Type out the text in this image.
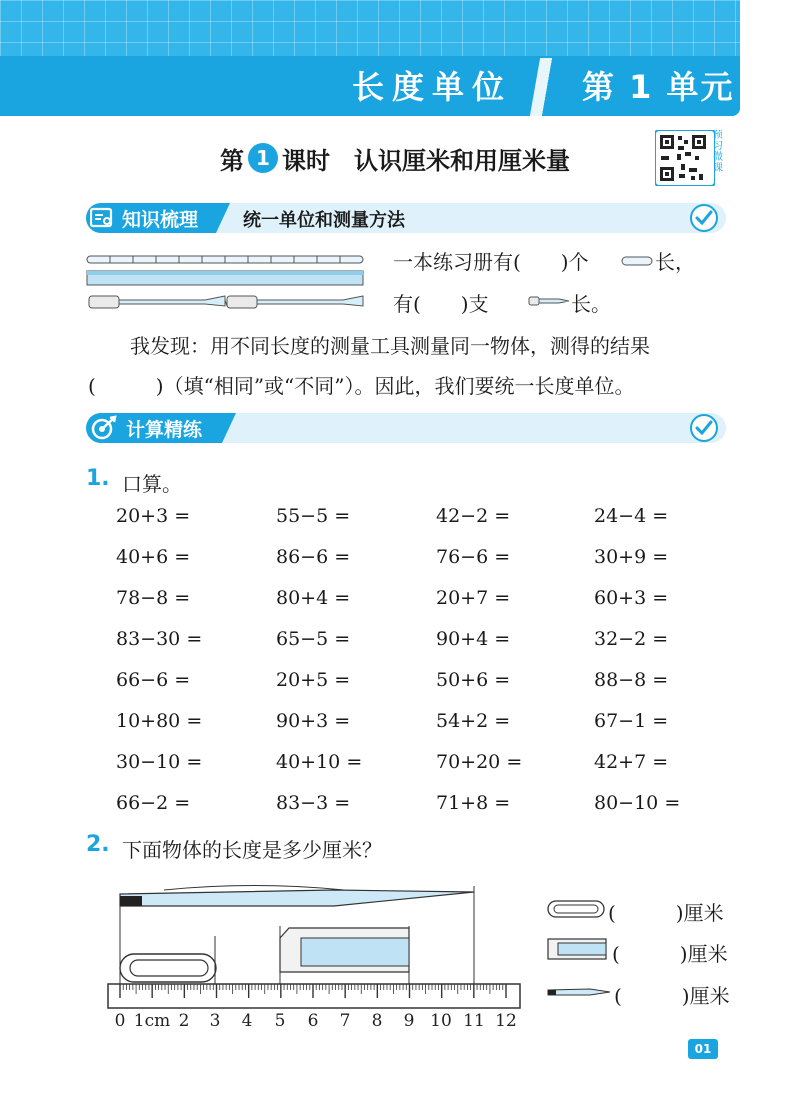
长度单位	第 1 单元
第 1 课时 认识厘米和用厘米量
预习微课
知识梳理 统一单位和测量方法
一本练习册有(　　)个	长，
有(　　)支	长。
我发现：用不同长度的测量工具测量同一物体，测得的结果
(　　　)（填“相同”或“不同”）。因此，我们要统一长度单位。
计算精练
1. 口算。
20+3 =	55−5 =	42−2 =	24−4 =
40+6 =	86−6 =	76−6 =	30+9 =
78−8 =	80+4 =	20+7 =	60+3 =
83−30 =	65−5 =	90+4 =	32−2 =
66−6 =	20+5 =	50+6 =	88−8 =
10+80 =	90+3 =	54+2 =	67−1 =
30−10 =	40+10 =	70+20 =	42+7 =
66−2 =	83−3 =	71+8 =	80−10 =
2. 下面物体的长度是多少厘米？
0 1cm 2 3 4 5 6 7 8 9 10 11 12
(　　　)厘米
(　　　)厘米
(　　　)厘米
01
